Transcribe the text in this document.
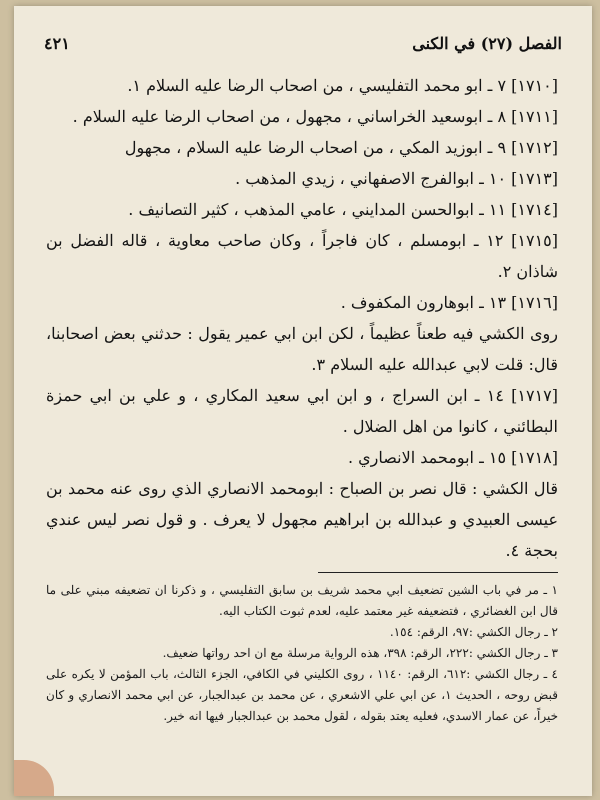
الفصل (٢٧) في الكنى
٤٢١

[١٧١٠] ٧ ـ ابو محمد التفليسي ، من اصحاب الرضا عليه السلام ١.

[١٧١١] ٨ ـ ابوسعيد الخراساني ، مجهول ، من اصحاب الرضا عليه السلام .

[١٧١٢] ٩ ـ ابوزيد المكي ، من اصحاب الرضا عليه السلام ، مجهول

[١٧١٣] ١٠ ـ ابوالفرج الاصفهاني ، زيدي المذهب .

[١٧١٤] ١١ ـ ابوالحسن المدايني ، عامي المذهب ، كثير التصانيف .

[١٧١٥] ١٢ ـ ابومسلم ، كان فاجراً ، وكان صاحب معاوية ، قاله الفضل بن شاذان ٢.

[١٧١٦] ١٣ ـ ابوهارون المكفوف .

روى الكشي فيه طعناً عظيماً ، لكن ابن ابي عمير يقول : حدثني بعض اصحابنا، قال: قلت لابي عبدالله عليه السلام ٣.

[١٧١٧] ١٤ ـ ابن السراج ، و ابن ابي سعيد المكاري ، و علي بن ابي حمزة البطائني ، كانوا من اهل الضلال .

[١٧١٨] ١٥ ـ ابومحمد الانصاري .

قال الكشي : قال نصر بن الصباح : ابومحمد الانصاري الذي روى عنه محمد بن عيسى العبيدي و عبدالله بن ابراهيم مجهول لا يعرف . و قول نصر ليس عندي بحجة ٤.

١ ـ مر في باب الشين تضعيف ابي محمد شريف بن سابق التفليسي ، و ذكرنا ان تضعيفه مبني على ما قال ابن الغضائري ، فتضعيفه غير معتمد عليه، لعدم ثبوت الكتاب اليه.

٢ ـ رجال الكشي :٩٧، الرقم: ١٥٤.

٣ ـ رجال الكشي :٢٢٢، الرقم: ٣٩٨، هذه الرواية مرسلة مع ان احد رواتها ضعيف.

٤ ـ رجال الكشي :٦١٢، الرقم: ١١٤٠ ، روى الكليني في الكافي، الجزء الثالث، باب المؤمن لا يكره على قبض روحه ، الحديث ١، عن ابي علي الاشعري ، عن محمد بن عبدالجبار، عن ابي محمد الانصاري و كان خيراً، عن عمار الاسدي، فعليه يعتد بقوله ، لقول محمد بن عبدالجبار فيها انه خير.
